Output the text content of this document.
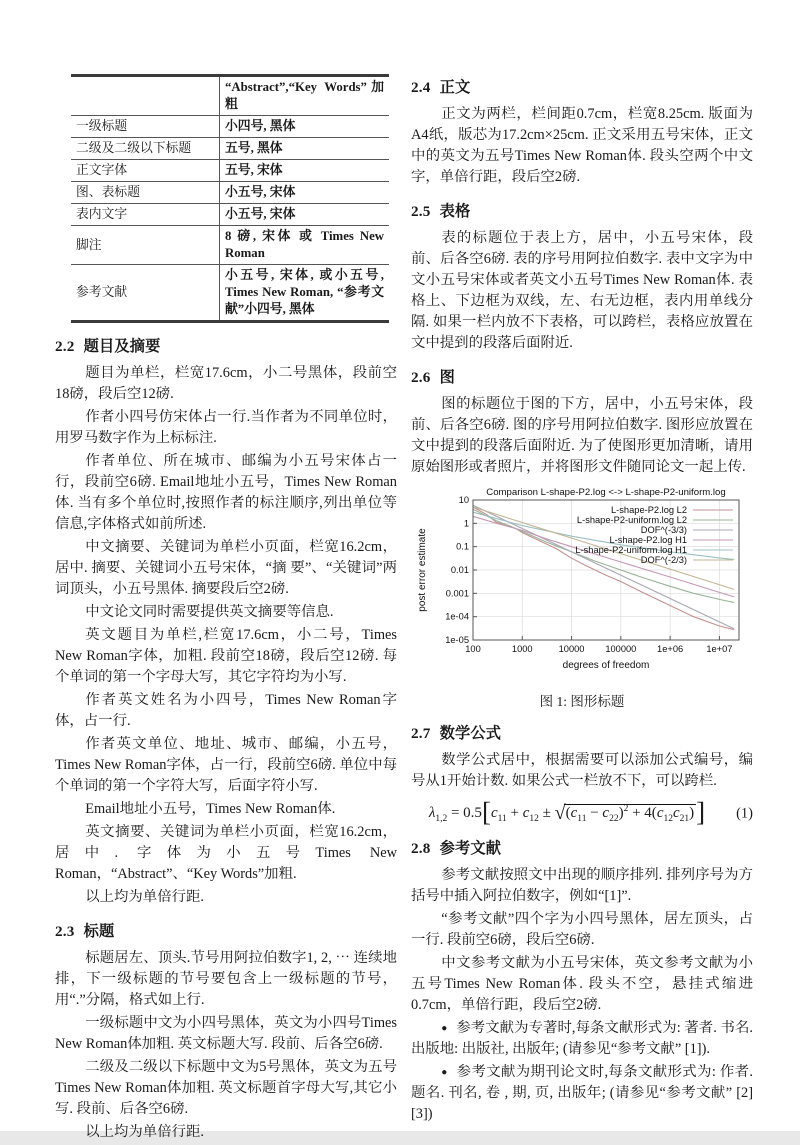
	“Abstract”,“Key Words”加粗
一级标题	小四号, 黑体
二级及二级以下标题	五号, 黑体
正文字体	五号, 宋体
图、表标题	小五号, 宋体
表内文字	小五号, 宋体
脚注	8 磅, 宋体 或 Times New Roman
参考文献	小五号, 宋体, 或小五号, Times New Roman, “参考文献”小四号, 黑体
2.2 题目及摘要

题目为单栏，栏宽17.6cm，小二号黑体，段前空18磅，段后空12磅.

作者小四号仿宋体占一行.当作者为不同单位时，用罗马数字作为上标标注.

作者单位、所在城市、邮编为小五号宋体占一行，段前空6磅. Email地址小五号，Times New Roman体. 当有多个单位时,按照作者的标注顺序,列出单位等信息,字体格式如前所述.

中文摘要、关键词为单栏小页面，栏宽16.2cm，居中. 摘要、关键词小五号宋体，“摘 要”、“关键词”两词顶头，小五号黑体. 摘要段后空2磅.

中文论文同时需要提供英文摘要等信息.

英文题目为单栏,栏宽17.6cm，小二号，Times New Roman字体，加粗. 段前空18磅，段后空12磅. 每个单词的第一个字母大写，其它字符均为小写.

作者英文姓名为小四号，Times New Roman字体，占一行.

作者英文单位、地址、城市、邮编，小五号，Times New Roman字体，占一行，段前空6磅. 单位中每个单词的第一个字符大写，后面字符小写.

Email地址小五号，Times New Roman体.

英文摘要、关键词为单栏小页面，栏宽16.2cm，居中. 字体为小五号Times New Roman，“Abstract”、“Key Words”加粗.

以上均为单倍行距.

2.3 标题

标题居左、顶头.节号用阿拉伯数字1, 2, ⋯ 连续地排，下一级标题的节号要包含上一级标题的节号，用“.”分隔，格式如上行.

一级标题中文为小四号黑体，英文为小四号Times New Roman体加粗. 英文标题大写. 段前、后各空6磅.

二级及二级以下标题中文为5号黑体，英文为五号Times New Roman体加粗. 英文标题首字母大写,其它小写. 段前、后各空6磅.

以上均为单倍行距.

2.4 正文

正文为两栏，栏间距0.7cm，栏宽8.25cm. 版面为A4纸，版芯为17.2cm×25cm. 正文采用五号宋体，正文中的英文为五号Times New Roman体. 段头空两个中文字，单倍行距，段后空2磅.

2.5 表格

表的标题位于表上方，居中，小五号宋体，段前、后各空6磅. 表的序号用阿拉伯数字. 表中文字为中文小五号宋体或者英文小五号Times New Roman体. 表格上、下边框为双线，左、右无边框，表内用单线分隔. 如果一栏内放不下表格，可以跨栏，表格应放置在文中提到的段落后面附近.

2.6 图

图的标题位于图的下方，居中，小五号宋体，段前、后各空6磅. 图的序号用阿拉伯数字. 图形应放置在文中提到的段落后面附近. 为了使图形更加清晰，请用原始图形或者照片，并将图形文件随同论文一起上传.

100	1000	10000 100000 1e+06 1e+07
10
1
0.1
0.01
0.001
1e-04
1e-05
Comparison L-shape-P2.log <-> L-shape-P2-uniform.log
degrees of freedom
post error estimate
L-shape-P2.log L2
L-shape-P2-uniform.log L2
DOF^(-3/3)
L-shape-P2.log H1
L-shape-P2-uniform.log H1
DOF^(-2/3)
图 1: 图形标题
2.7 数学公式

数学公式居中，根据需要可以添加公式编号，编号从1开始计数. 如果公式一栏放不下，可以跨栏.

$\lambda_{1,2} = 0.5[c_{11} + c_{12} \pm √(c_{11} - c_{22})^2 + 4(c_{12}c_{21})]$ (1)
2.8 参考文献

参考文献按照文中出现的顺序排列. 排列序号为方括号中插入阿拉伯数字，例如“[1]”.

“参考文献”四个字为小四号黑体，居左顶头，占一行. 段前空6磅，段后空6磅.

中文参考文献为小五号宋体，英文参考文献为小五号Times New Roman体. 段头不空，悬挂式缩进0.7cm，单倍行距，段后空2磅.

● 参考文献为专著时,每条文献形式为: 著者. 书名. 出版地: 出版社, 出版年; (请参见“参考文献” [1]).

● 参考文献为期刊论文时,每条文献形式为: 作者. 题名. 刊名, 卷 , 期, 页, 出版年; (请参见“参考文献” [2][3])
